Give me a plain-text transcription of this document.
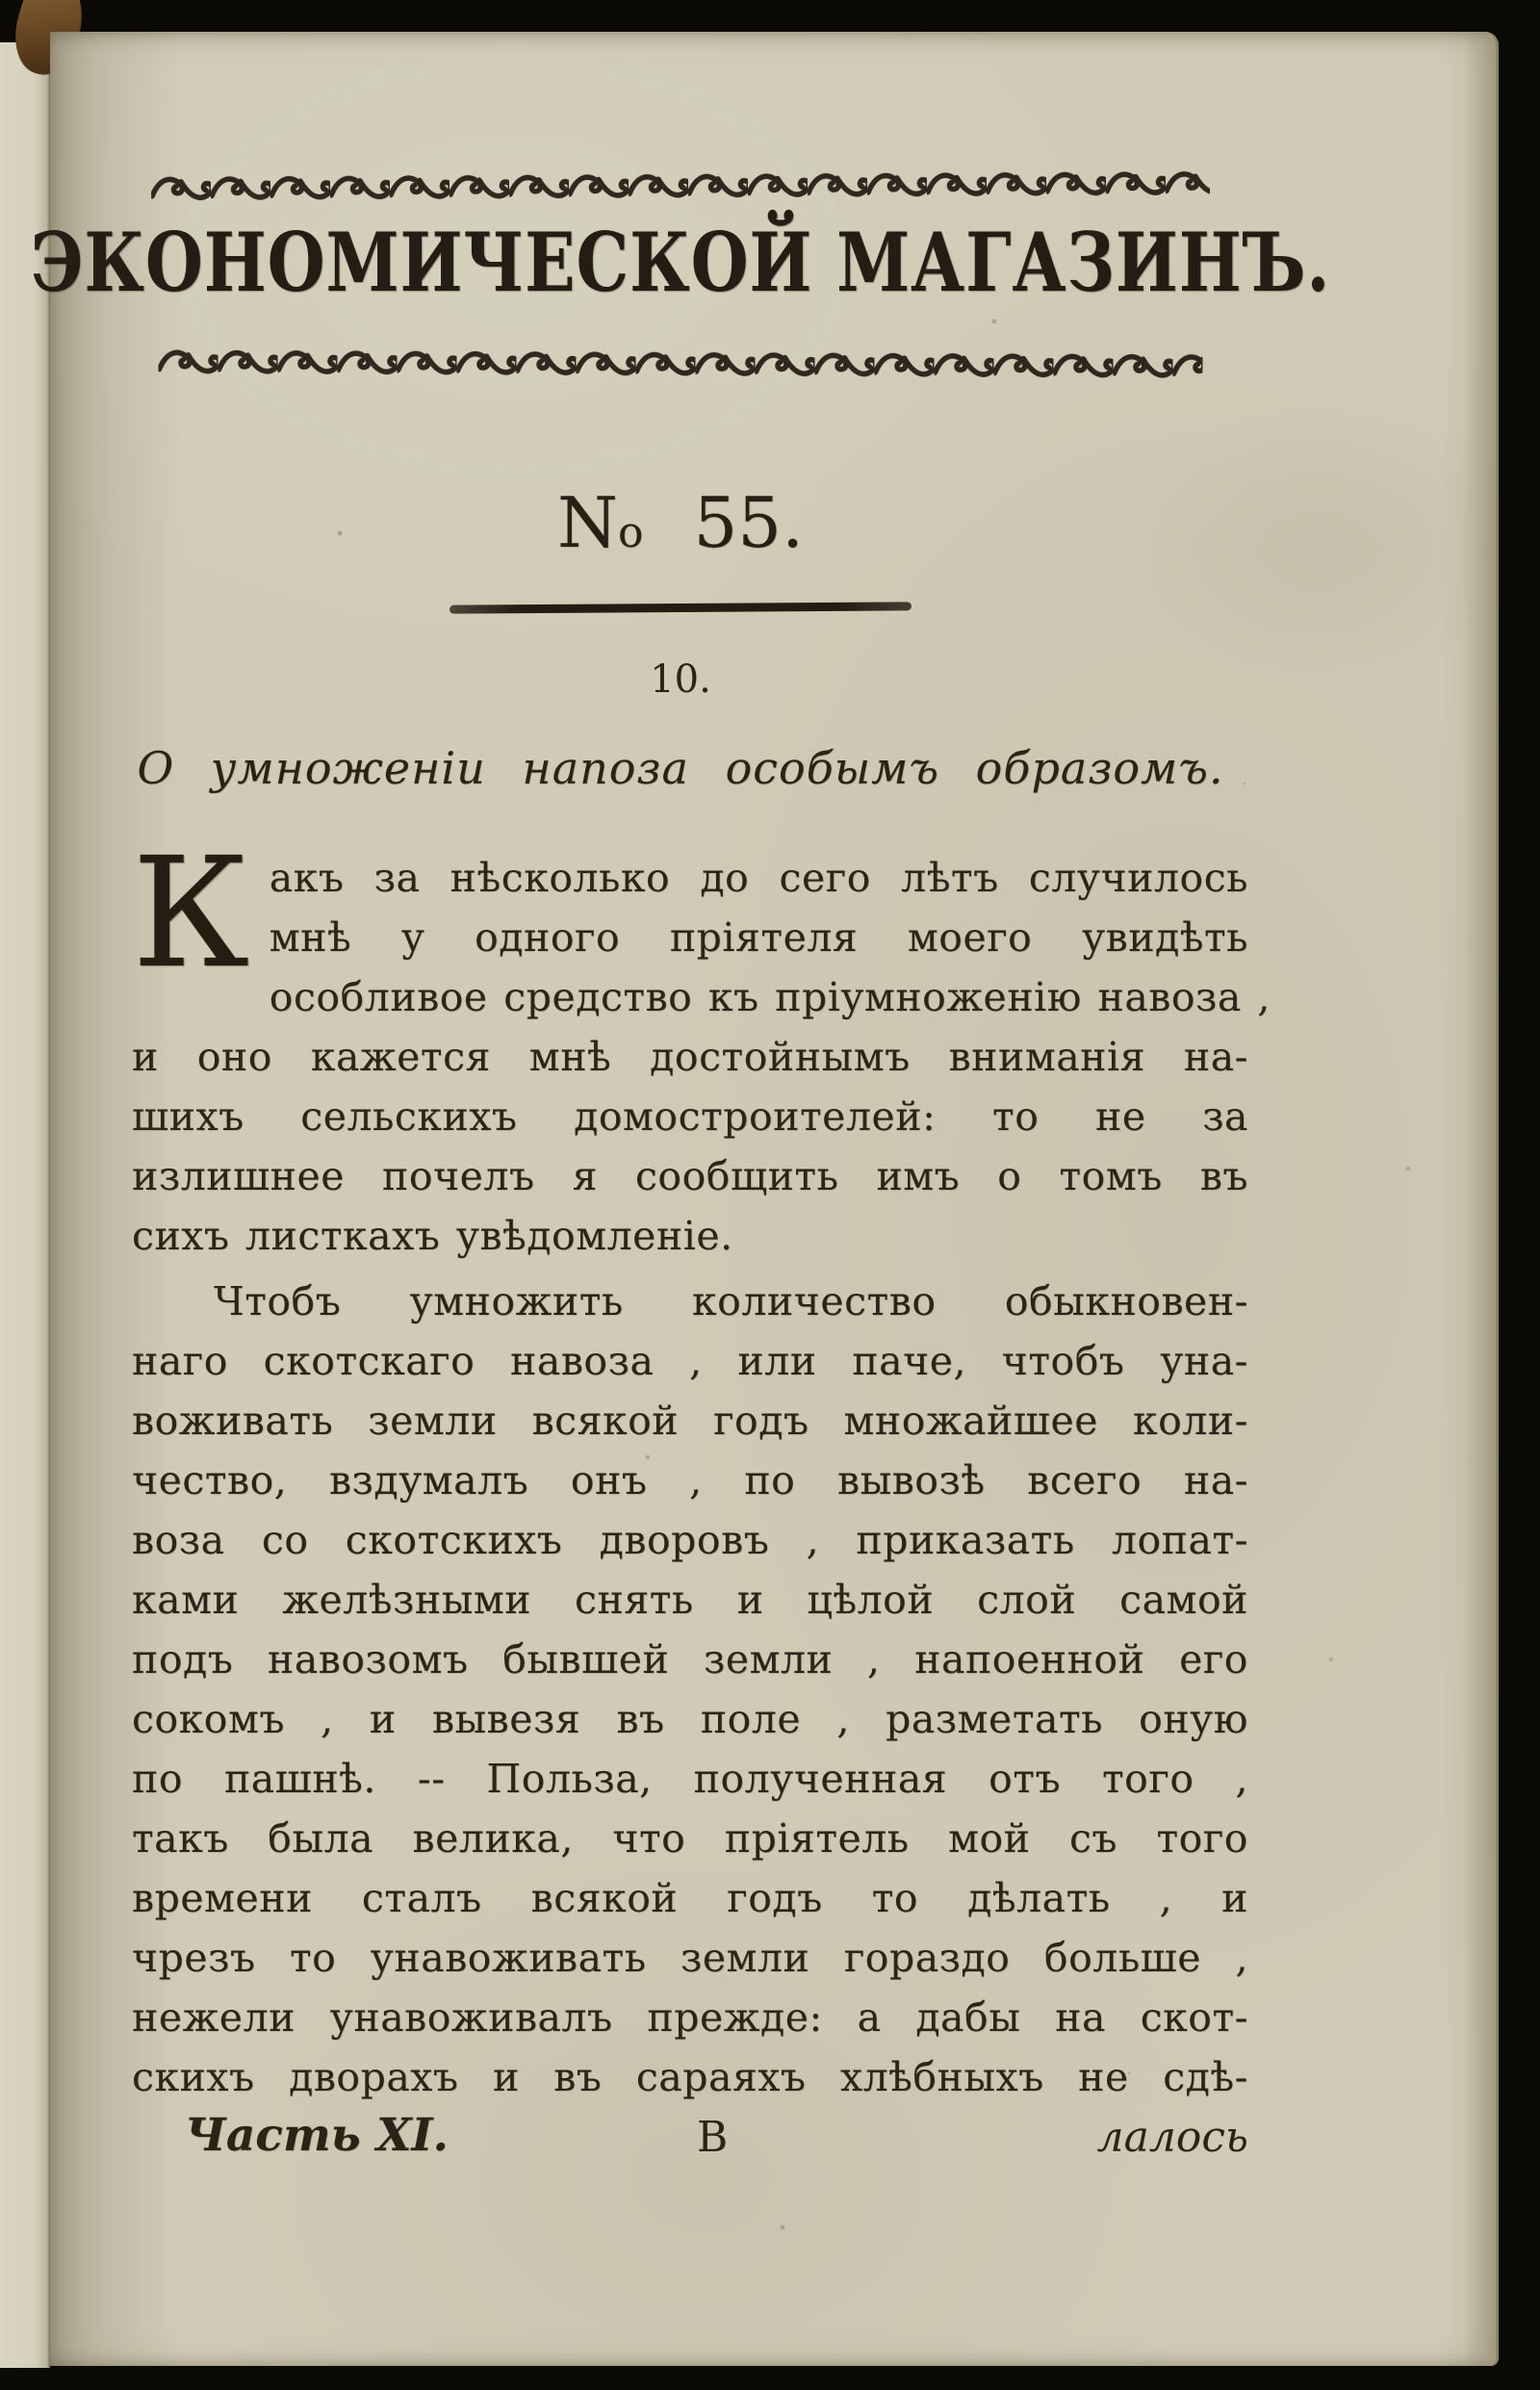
ЭКОНОМИЧЕСКОЙ МАГАЗИНЪ.
No 55.
10.
О умноженіи напоза особымъ образомъ.
К акъ за нѣсколько до сего лѣтъ случилось
мнѣ у одного пріятеля моего увидѣть
особливое средство къ пріумноженію навоза ,
и оно кажется мнѣ достойнымъ вниманія на-
шихъ сельскихъ домостроителей: то не за
излишнее почелъ я сообщить имъ о томъ въ
сихъ листкахъ увѣдомленіе.
Чтобъ умножить количество обыкновен-
наго скотскаго навоза , или паче, чтобъ уна-
воживать земли всякой годъ множайшее коли-
чество, вздумалъ онъ , по вывозѣ всего на-
воза со скотскихъ дворовъ , приказать лопат-
ками желѣзными снять и цѣлой слой самой
подъ навозомъ бывшей земли , напоенной его
сокомъ , и вывезя въ поле , разметать оную
по пашнѣ. -- Польза, полученная отъ того ,
такъ была велика, что пріятель мой съ того
времени сталъ всякой годъ то дѣлать , и
чрезъ то унавоживать земли гораздо больше ,
нежели унавоживалъ прежде: а дабы на скот-
скихъ дворахъ и въ сараяхъ хлѣбныхъ не сдѣ-
Часть XI.	В	лалось
